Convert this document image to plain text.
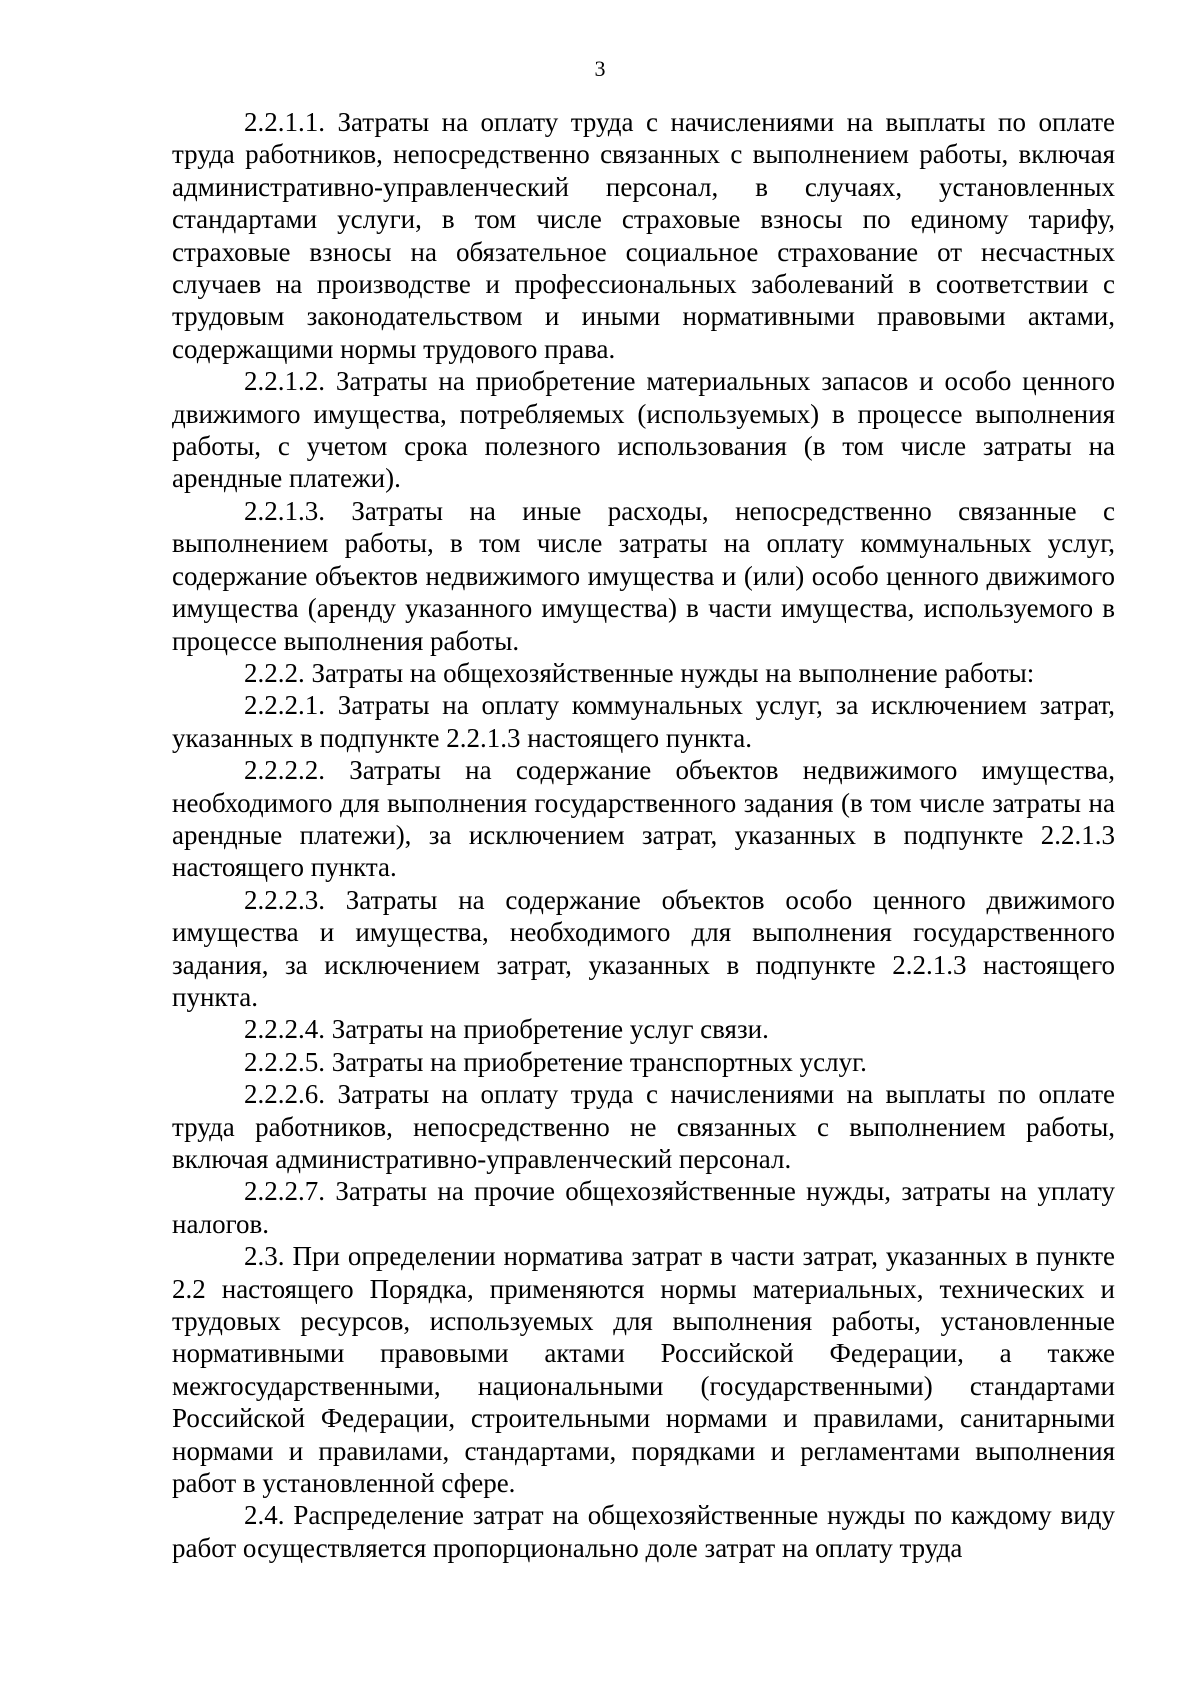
3

2.2.1.1. Затраты на оплату труда с начислениями на выплаты по оплате труда работников, непосредственно связанных с выполнением работы, включая административно-управленческий персонал, в случаях, установленных стандартами услуги, в том числе страховые взносы по единому тарифу, страховые взносы на обязательное социальное страхование от несчастных случаев на производстве и профессиональных заболеваний в соответствии с трудовым законодательством и иными нормативными правовыми актами, содержащими нормы трудового права.

2.2.1.2. Затраты на приобретение материальных запасов и особо ценного движимого имущества, потребляемых (используемых) в процессе выполнения работы, с учетом срока полезного использования (в том числе затраты на арендные платежи).

2.2.1.3. Затраты на иные расходы, непосредственно связанные с выполнением работы, в том числе затраты на оплату коммунальных услуг, содержание объектов недвижимого имущества и (или) особо ценного движимого имущества (аренду указанного имущества) в части имущества, используемого в процессе выполнения работы.

2.2.2. Затраты на общехозяйственные нужды на выполнение работы:

2.2.2.1. Затраты на оплату коммунальных услуг, за исключением затрат, указанных в подпункте 2.2.1.3 настоящего пункта.

2.2.2.2. Затраты на содержание объектов недвижимого имущества, необходимого для выполнения государственного задания (в том числе затраты на арендные платежи), за исключением затрат, указанных в подпункте 2.2.1.3 настоящего пункта.

2.2.2.3. Затраты на содержание объектов особо ценного движимого имущества и имущества, необходимого для выполнения государственного задания, за исключением затрат, указанных в подпункте 2.2.1.3 настоящего пункта.

2.2.2.4. Затраты на приобретение услуг связи.

2.2.2.5. Затраты на приобретение транспортных услуг.

2.2.2.6. Затраты на оплату труда с начислениями на выплаты по оплате труда работников, непосредственно не связанных с выполнением работы, включая административно-управленческий персонал.

2.2.2.7. Затраты на прочие общехозяйственные нужды, затраты на уплату налогов.

2.3. При определении норматива затрат в части затрат, указанных в пункте 2.2 настоящего Порядка, применяются нормы материальных, технических и трудовых ресурсов, используемых для выполнения работы, установленные нормативными правовыми актами Российской Федерации, а также межгосударственными, национальными (государственными) стандартами Российской Федерации, строительными нормами и правилами, санитарными нормами и правилами, стандартами, порядками и регламентами выполнения работ в установленной сфере.

2.4. Распределение затрат на общехозяйственные нужды по каждому виду работ осуществляется пропорционально доле затрат на оплату труда
